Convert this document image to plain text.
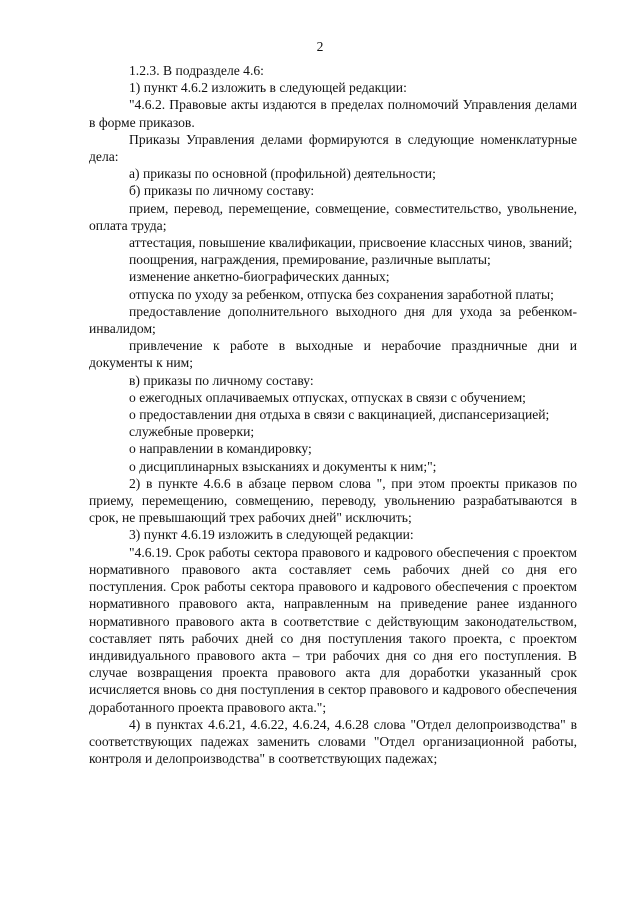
2

1.2.3. В подразделе 4.6:

1) пункт 4.6.2 изложить в следующей редакции:

"4.6.2. Правовые акты издаются в пределах полномочий Управления делами в форме приказов.

Приказы Управления делами формируются в следующие номенклатурные дела:

а) приказы по основной (профильной) деятельности;

б) приказы по личному составу:

прием, перевод, перемещение, совмещение, совместительство, увольнение, оплата труда;

аттестация, повышение квалификации, присвоение классных чинов, званий;

поощрения, награждения, премирование, различные выплаты;

изменение анкетно-биографических данных;

отпуска по уходу за ребенком, отпуска без сохранения заработной платы;

предоставление дополнительного выходного дня для ухода за ребенком-инвалидом;

привлечение к работе в выходные и нерабочие праздничные дни и документы к ним;

в) приказы по личному составу:

о ежегодных оплачиваемых отпусках, отпусках в связи с обучением;

о предоставлении дня отдыха в связи с вакцинацией, диспансеризацией;

служебные проверки;

о направлении в командировку;

о дисциплинарных взысканиях и документы к ним;";

2) в пункте 4.6.6 в абзаце первом слова ", при этом проекты приказов по приему, перемещению, совмещению, переводу, увольнению разрабатываются в срок, не превышающий трех рабочих дней" исключить;

3) пункт 4.6.19 изложить в следующей редакции:

"4.6.19. Срок работы сектора правового и кадрового обеспечения с проектом нормативного правового акта составляет семь рабочих дней со дня его поступления. Срок работы сектора правового и кадрового обеспечения с проектом нормативного правового акта, направленным на приведение ранее изданного нормативного правового акта в соответствие с действующим законодательством, составляет пять рабочих дней со дня поступления такого проекта, с проектом индивидуального правового акта – три рабочих дня со дня его поступления. В случае возвращения проекта правового акта для доработки указанный срок исчисляется вновь со дня поступления в сектор правового и кадрового обеспечения доработанного проекта правового акта.";

4) в пунктах 4.6.21, 4.6.22, 4.6.24, 4.6.28 слова "Отдел делопроизводства" в соответствующих падежах заменить словами "Отдел организационной работы, контроля и делопроизводства" в соответствующих падежах;
